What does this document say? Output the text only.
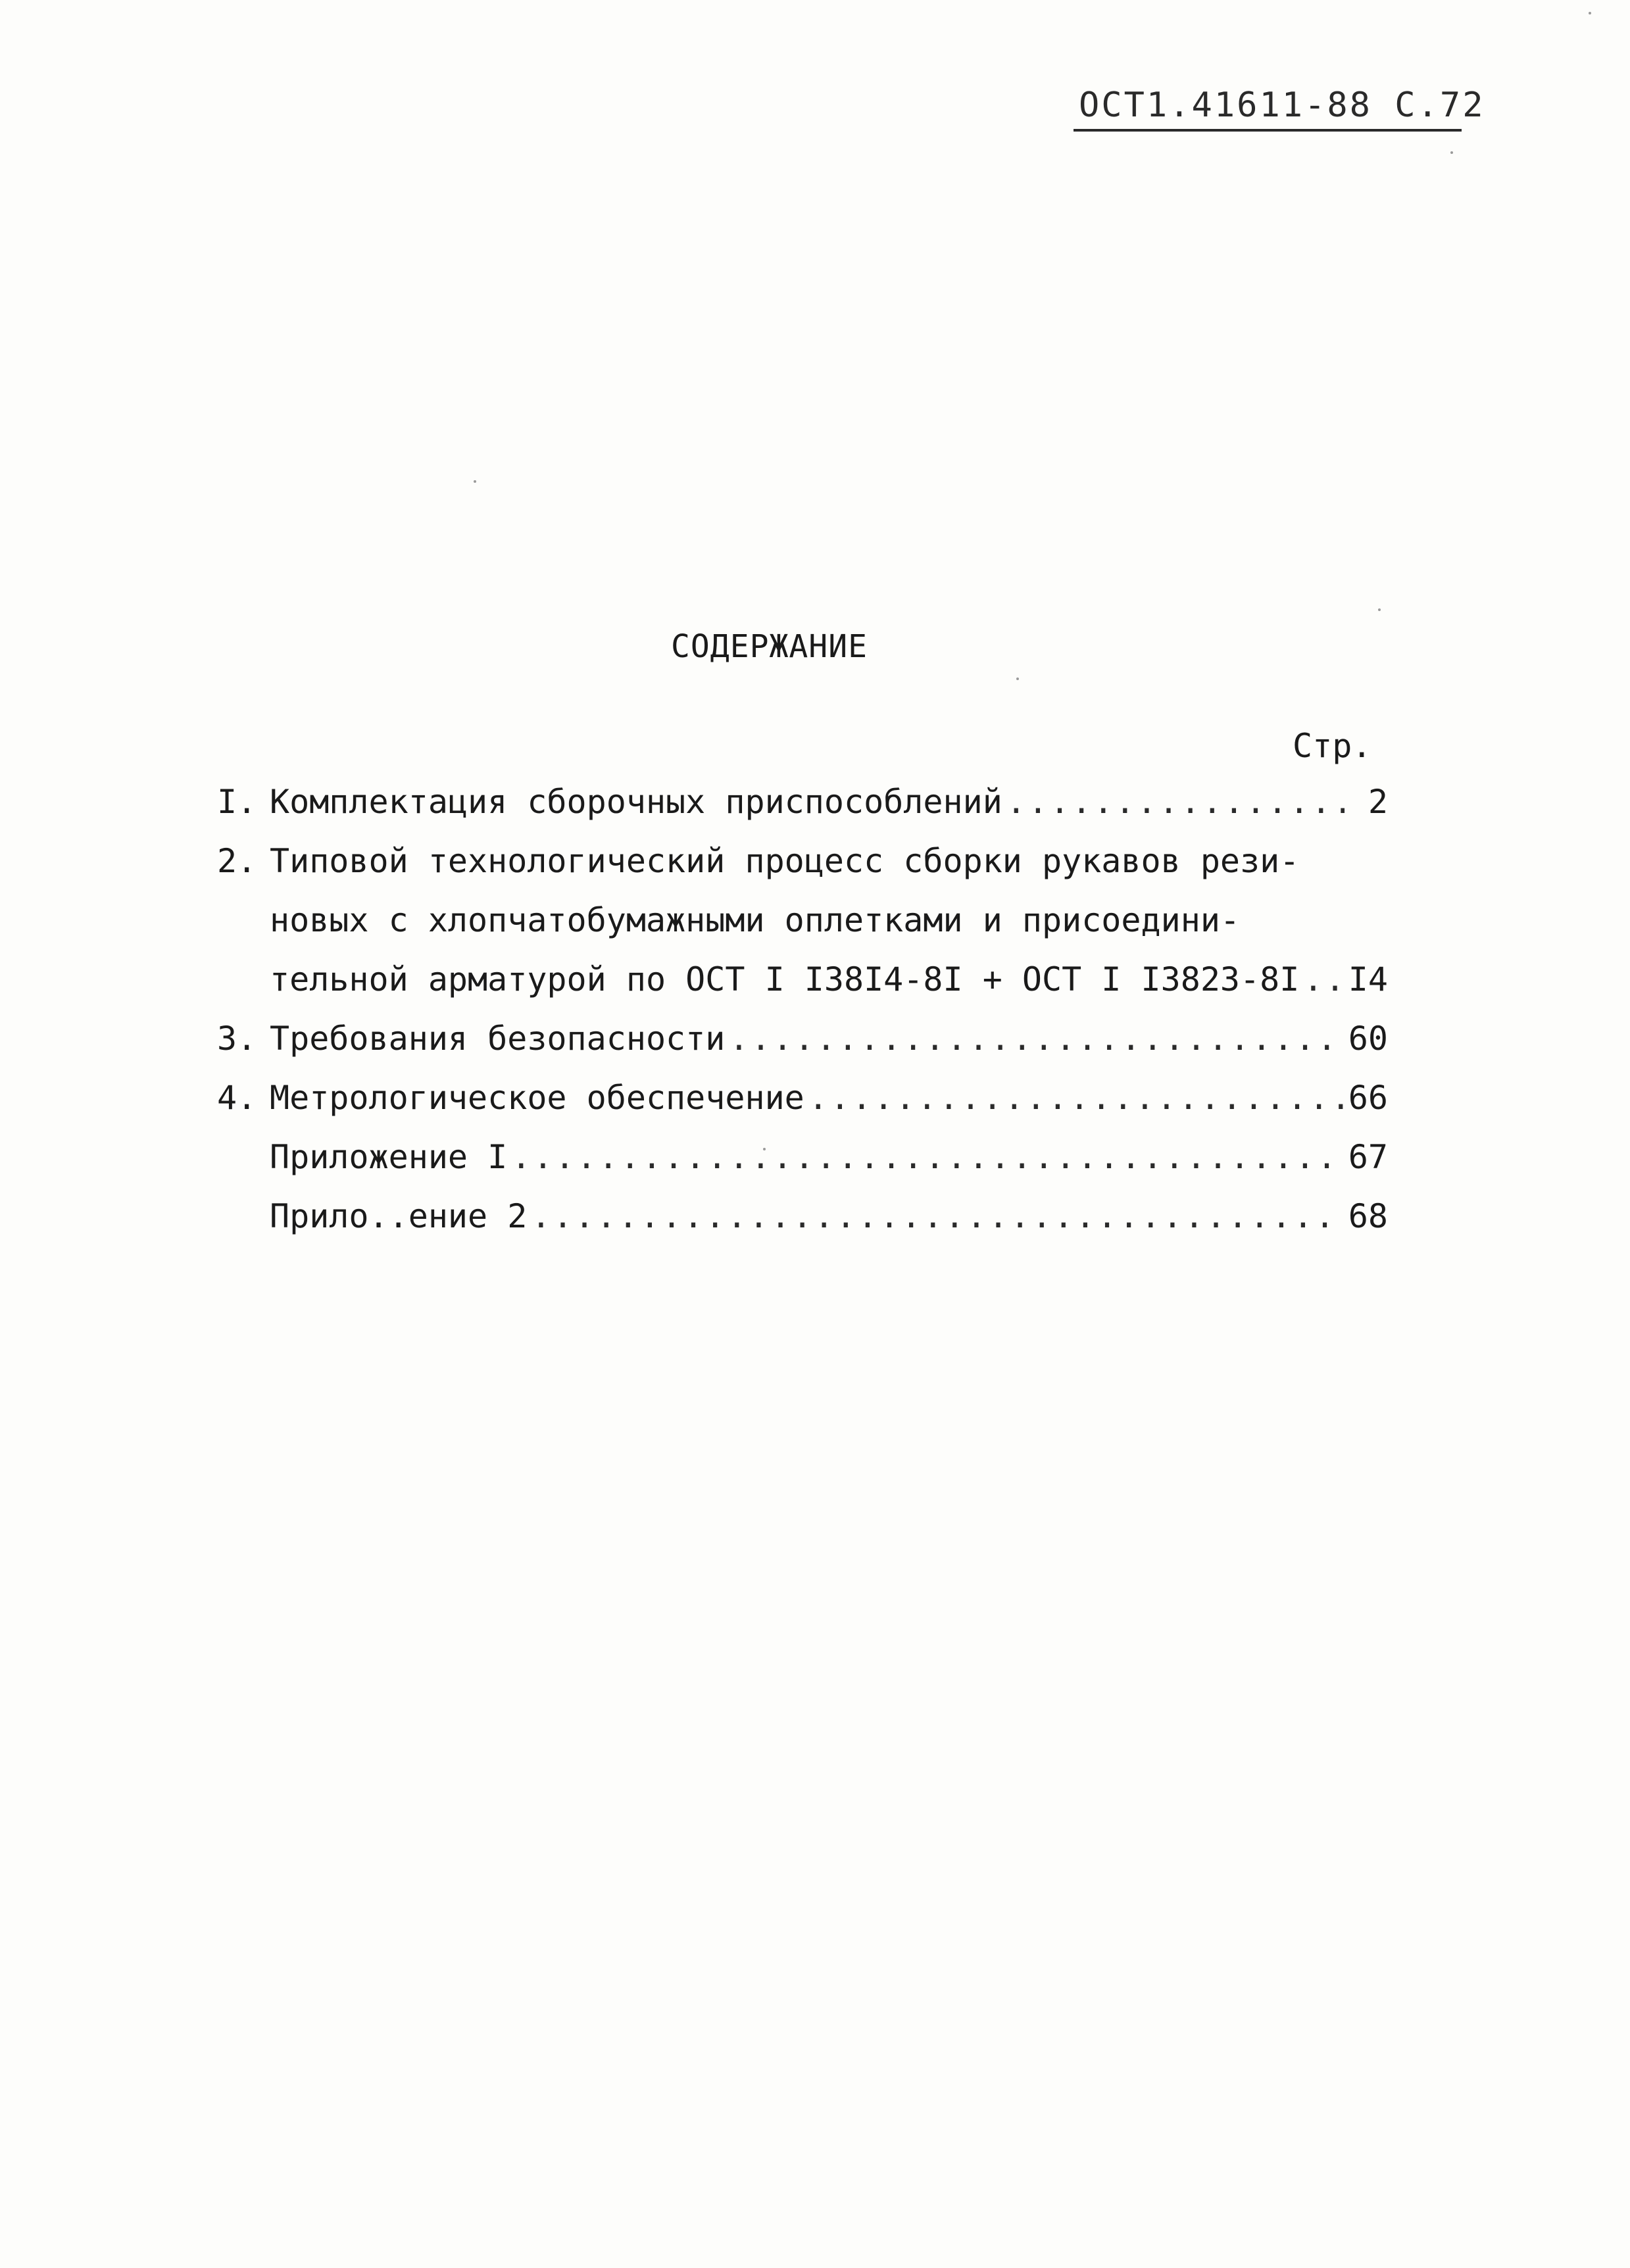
ОСТ1.41611-88 С.72
СОДЕРЖАНИЕ
Стр.
I. Комплектация сборочных приспособлений .....	2
2. Типовой технологический процесс сборки рукавов рези-
новых с хлопчатобумажными оплетками и присоедини-
тельной арматурой по ОСТ I I38I4-8I + ОСТ I I3823-8I ..... I4
3. Требования безопасности .....	60
4. Метрологическое обеспечение .....	66
Приложение I .....	67
Прило..ение 2 .....	68
